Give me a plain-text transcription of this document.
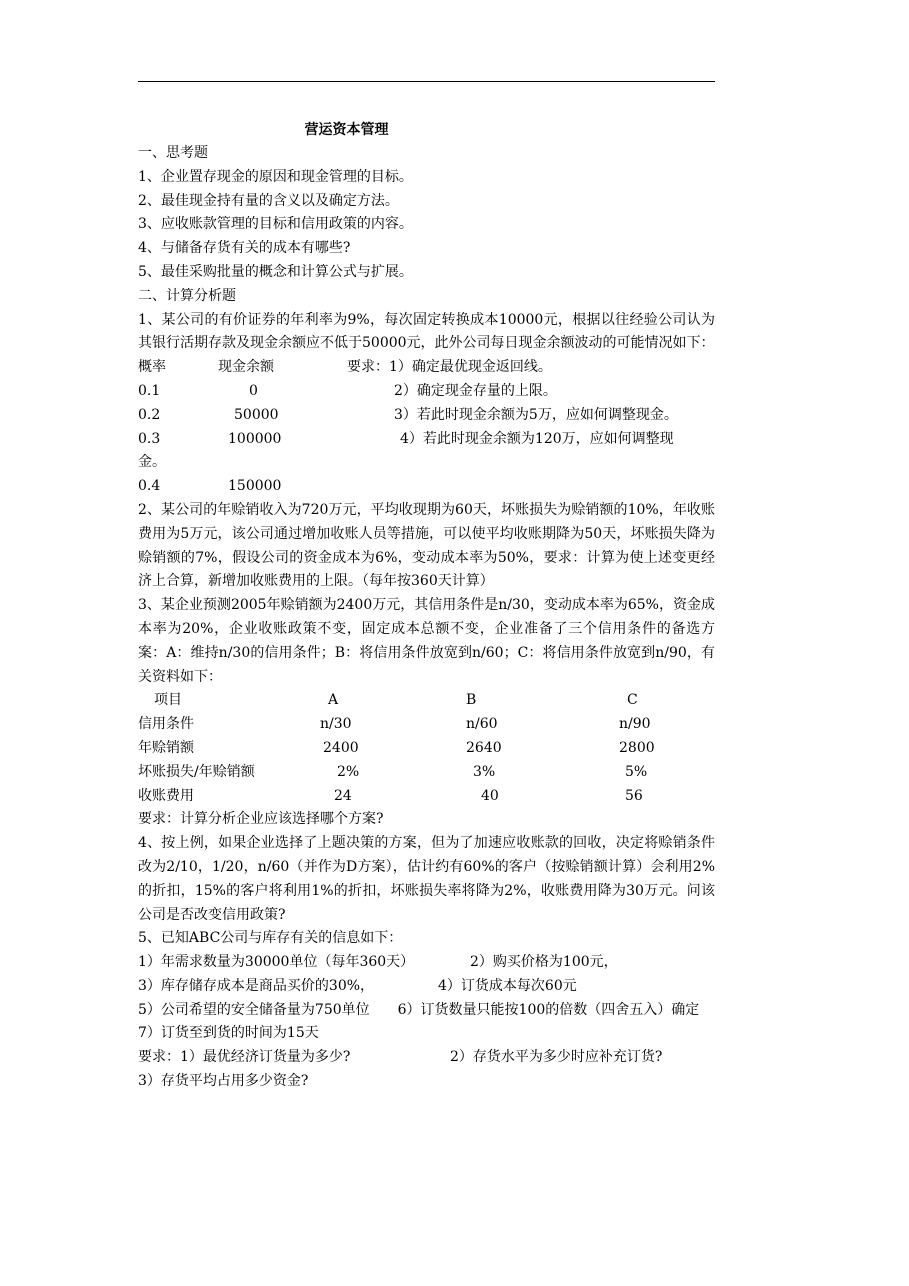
营运资本管理
一、思考题
1、企业置存现金的原因和现金管理的目标。
2、最佳现金持有量的含义以及确定方法。
3、应收账款管理的目标和信用政策的内容。
4、与储备存货有关的成本有哪些?
5、最佳采购批量的概念和计算公式与扩展。
二、计算分析题
1、某公司的有价证券的年利率为9%，每次固定转换成本10000元，根据以往经验公司认为其银行活期存款及现金余额应不低于50000元，此外公司每日现金余额波动的可能情况如下：
概率	现金余额	要求：1）确定最优现金返回线。
0.1	0	2）确定现金存量的上限。
0.2	50000	3）若此时现金余额为5万，应如何调整现金。
0.3	100000	4）若此时现金余额为120万，应如何调整现
金。
0.4	150000
2、某公司的年赊销收入为720万元，平均收现期为60天，坏账损失为赊销额的10%，年收账费用为5万元，该公司通过增加收账人员等措施，可以使平均收账期降为50天，坏账损失降为赊销额的7%，假设公司的资金成本为6%，变动成本率为50%，要求：计算为使上述变更经济上合算，新增加收账费用的上限。（每年按360天计算）
3、某企业预测2005年赊销额为2400万元，其信用条件是n/30，变动成本率为65%，资金成本率为20%，企业收账政策不变，固定成本总额不变，企业准备了三个信用条件的备选方案：A：维持n/30的信用条件；B：将信用条件放宽到n/60；C：将信用条件放宽到n/90，有关资料如下：
项目	A	B	C
信用条件	n/30	n/60	n/90
年赊销额	2400	2640	2800
坏账损失/年赊销额	2%	3%	5%
收账费用	24	40	56
要求：计算分析企业应该选择哪个方案?
4、按上例，如果企业选择了上题决策的方案，但为了加速应收账款的回收，决定将赊销条件改为2/10，1/20，n/60（并作为D方案），估计约有60%的客户（按赊销额计算）会利用2%的折扣，15%的客户将利用1%的折扣，坏账损失率将降为2%，收账费用降为30万元。问该公司是否改变信用政策?
5、已知ABC公司与库存有关的信息如下：
1）年需求数量为30000单位（每年360天）	2）购买价格为100元，
3）库存储存成本是商品买价的30%，	4）订货成本每次60元
5）公司希望的安全储备量为750单位　　6）订货数量只能按100的倍数（四舍五入）确定
7）订货至到货的时间为15天
要求：1）最优经济订货量为多少?	2）存货水平为多少时应补充订货?
3）存货平均占用多少资金?
